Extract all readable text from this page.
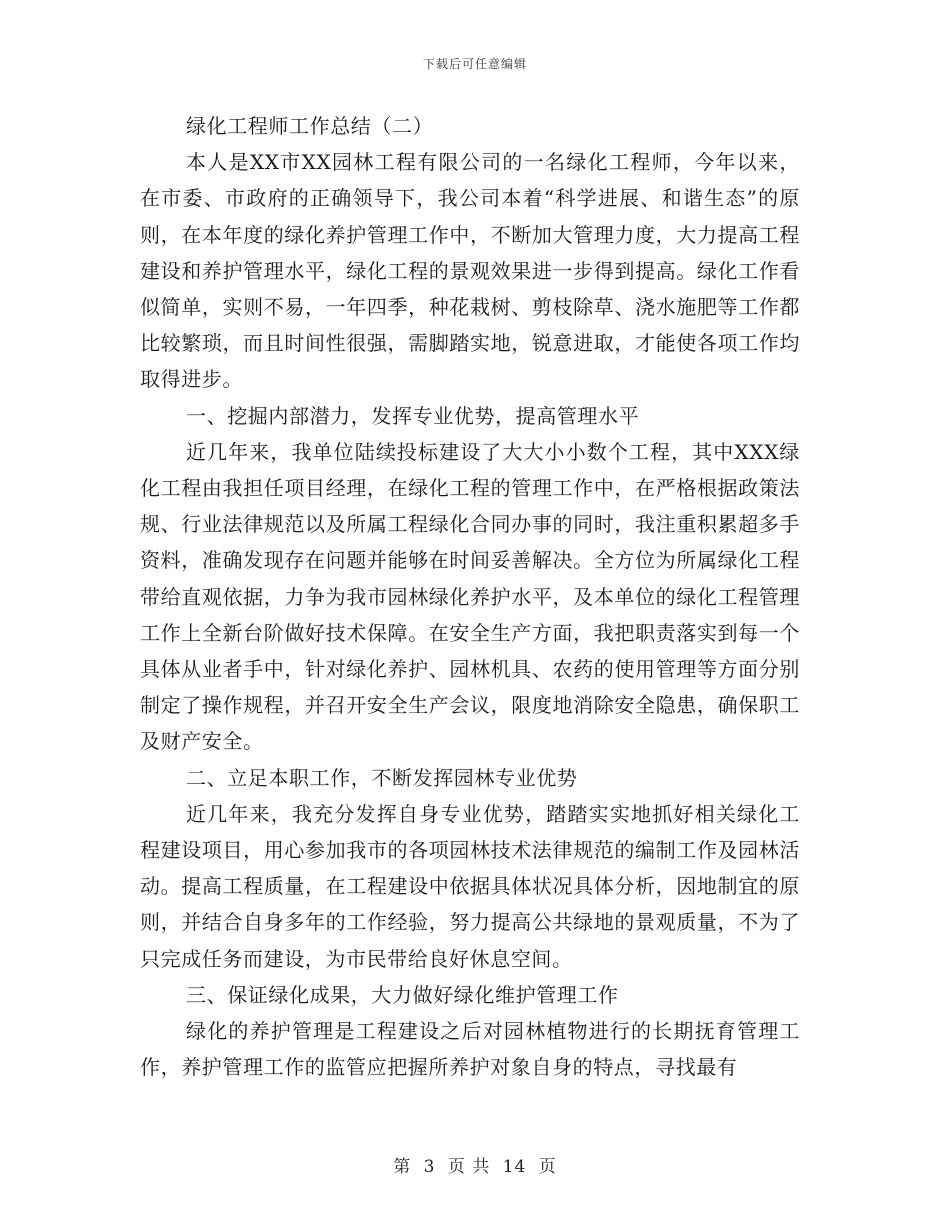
下载后可任意编辑

绿化工程师工作总结（二）

本人是XX市XX园林工程有限公司的一名绿化工程师，今年以来，在市委、市政府的正确领导下，我公司本着“科学进展、和谐生态”的原则，在本年度的绿化养护管理工作中，不断加大管理力度，大力提高工程建设和养护管理水平，绿化工程的景观效果进一步得到提高。绿化工作看似简单，实则不易，一年四季，种花栽树、剪枝除草、浇水施肥等工作都比较繁琐，而且时间性很强，需脚踏实地，锐意进取，才能使各项工作均取得进步。

一、挖掘内部潜力，发挥专业优势，提高管理水平

近几年来，我单位陆续投标建设了大大小小数个工程，其中XXX绿化工程由我担任项目经理，在绿化工程的管理工作中，在严格根据政策法规、行业法律规范以及所属工程绿化合同办事的同时，我注重积累超多手资料，准确发现存在问题并能够在时间妥善解决。全方位为所属绿化工程带给直观依据，力争为我市园林绿化养护水平，及本单位的绿化工程管理工作上全新台阶做好技术保障。在安全生产方面，我把职责落实到每一个具体从业者手中，针对绿化养护、园林机具、农药的使用管理等方面分别制定了操作规程，并召开安全生产会议，限度地消除安全隐患，确保职工及财产安全。

二、立足本职工作，不断发挥园林专业优势

近几年来，我充分发挥自身专业优势，踏踏实实地抓好相关绿化工程建设项目，用心参加我市的各项园林技术法律规范的编制工作及园林活动。提高工程质量，在工程建设中依据具体状况具体分析，因地制宜的原则，并结合自身多年的工作经验，努力提高公共绿地的景观质量，不为了只完成任务而建设，为市民带给良好休息空间。

三、保证绿化成果，大力做好绿化维护管理工作

绿化的养护管理是工程建设之后对园林植物进行的长期抚育管理工作，养护管理工作的监管应把握所养护对象自身的特点，寻找最有

第 3 页 共 14 页
